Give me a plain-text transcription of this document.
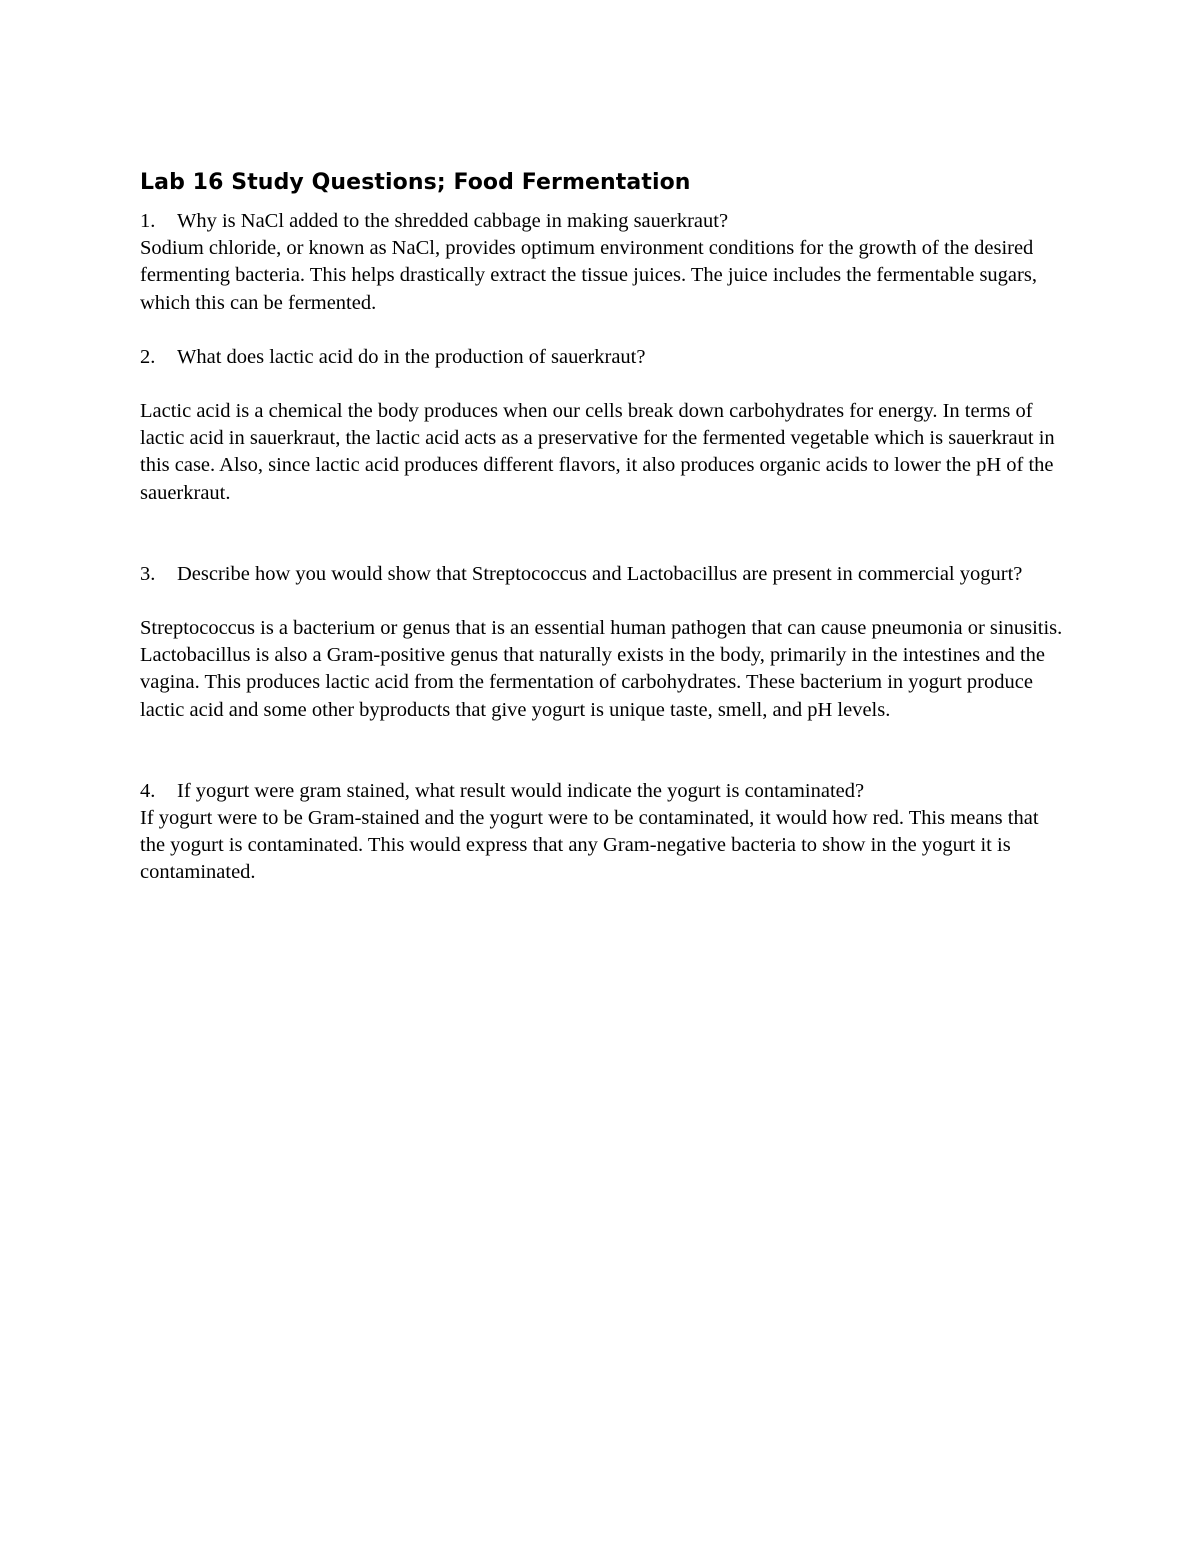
Lab 16 Study Questions; Food Fermentation
1.	Why is NaCl added to the shredded cabbage in making sauerkraut?

Sodium chloride, or known as NaCl, provides optimum environment conditions for the growth of the desired fermenting bacteria. This helps drastically extract the tissue juices. The juice includes the fermentable sugars, which this can be fermented.

2.	What does lactic acid do in the production of sauerkraut?

Lactic acid is a chemical the body produces when our cells break down carbohydrates for energy. In terms of lactic acid in sauerkraut, the lactic acid acts as a preservative for the fermented vegetable which is sauerkraut in this case. Also, since lactic acid produces different flavors, it also produces organic acids to lower the pH of the sauerkraut.

3.	Describe how you would show that Streptococcus and Lactobacillus are present in commercial yogurt?

Streptococcus is a bacterium or genus that is an essential human pathogen that can cause pneumonia or sinusitis. Lactobacillus is also a Gram-positive genus that naturally exists in the body, primarily in the intestines and the vagina. This produces lactic acid from the fermentation of carbohydrates. These bacterium in yogurt produce lactic acid and some other byproducts that give yogurt is unique taste, smell, and pH levels.

4.	If yogurt were gram stained, what result would indicate the yogurt is contaminated?

If yogurt were to be Gram-stained and the yogurt were to be contaminated, it would how red. This means that the yogurt is contaminated. This would express that any Gram-negative bacteria to show in the yogurt it is contaminated.
